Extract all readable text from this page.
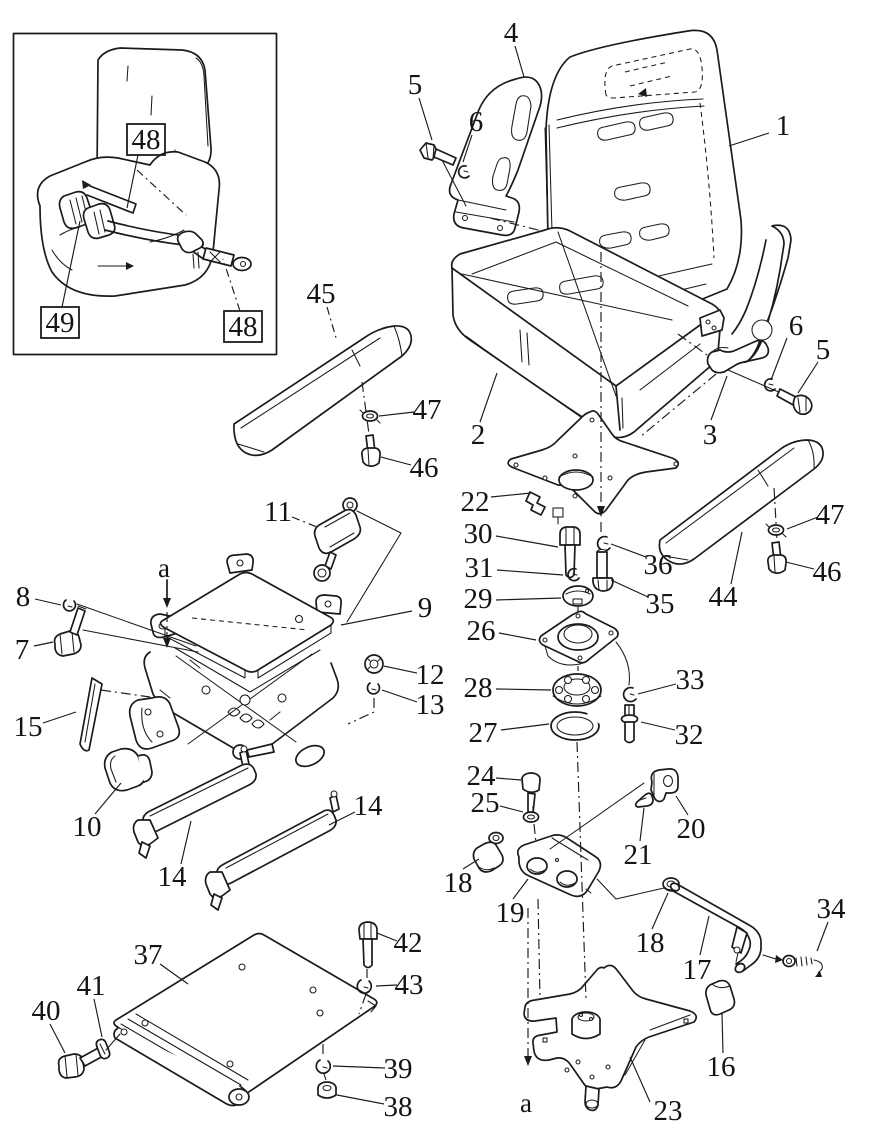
1
2	3
4
5
6
6
5
7
8	9
10
11
12
13
14
14
15
16
17
18
18
19
20
21
22
23
24
25
26
27
28
29
30
31
32
33
34
35
36
37
38
39
40
41
42
43
44
45
46
47
46
47
48
49	48
a
a
